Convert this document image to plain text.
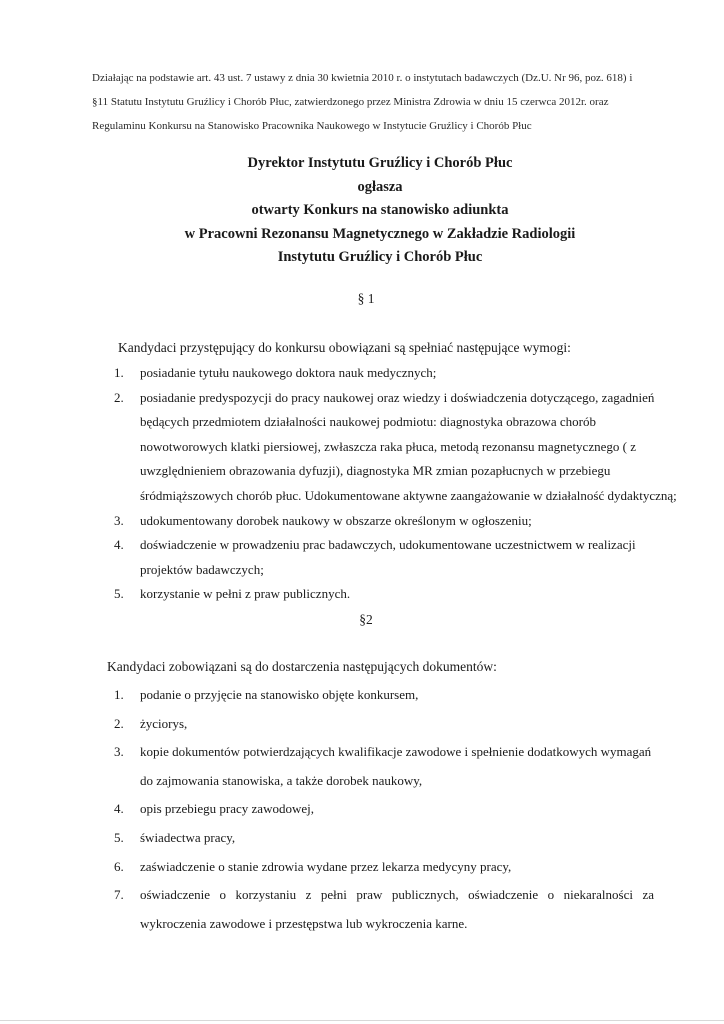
Działając na podstawie art. 43 ust. 7 ustawy z dnia 30 kwietnia 2010 r. o instytutach badawczych (Dz.U. Nr 96, poz. 618) i

§11 Statutu Instytutu Gruźlicy i Chorób Płuc, zatwierdzonego przez Ministra Zdrowia w dniu 15 czerwca 2012r. oraz

Regulaminu Konkursu na Stanowisko Pracownika Naukowego w Instytucie Gruźlicy i Chorób Płuc

Dyrektor Instytutu Gruźlicy i Chorób Płuc
ogłasza
otwarty Konkurs na stanowisko adiunkta
w Pracowni Rezonansu Magnetycznego w Zakładzie Radiologii
Instytutu Gruźlicy i Chorób Płuc
§ 1
Kandydaci przystępujący do konkursu obowiązani są spełniać następujące wymogi:
1. posiadanie tytułu naukowego doktora nauk medycznych;
2. posiadanie predyspozycji do pracy naukowej oraz wiedzy i doświadczenia dotyczącego, zagadnień będących przedmiotem działalności naukowej podmiotu: diagnostyka obrazowa chorób nowotworowych klatki piersiowej, zwłaszcza raka płuca, metodą rezonansu magnetycznego ( z uwzględnieniem obrazowania dyfuzji), diagnostyka MR zmian pozapłucnych w przebiegu śródmiąższowych chorób płuc. Udokumentowane aktywne zaangażowanie w działalność dydaktyczną;
3. udokumentowany dorobek naukowy w obszarze określonym w ogłoszeniu;
4. doświadczenie w prowadzeniu prac badawczych, udokumentowane uczestnictwem w realizacji projektów badawczych;
5. korzystanie w pełni z praw publicznych.
§2
Kandydaci zobowiązani są do dostarczenia następujących dokumentów:
1. podanie o przyjęcie na stanowisko objęte konkursem,
2. życiorys,
3. kopie dokumentów potwierdzających kwalifikacje zawodowe i spełnienie dodatkowych wymagań do zajmowania stanowiska, a także dorobek naukowy,
4. opis przebiegu pracy zawodowej,
5. świadectwa pracy,
6. zaświadczenie o stanie zdrowia wydane przez lekarza medycyny pracy,
7. oświadczenie o korzystaniu z pełni praw publicznych, oświadczenie o niekaralności za wykroczenia zawodowe i przestępstwa lub wykroczenia karne.
